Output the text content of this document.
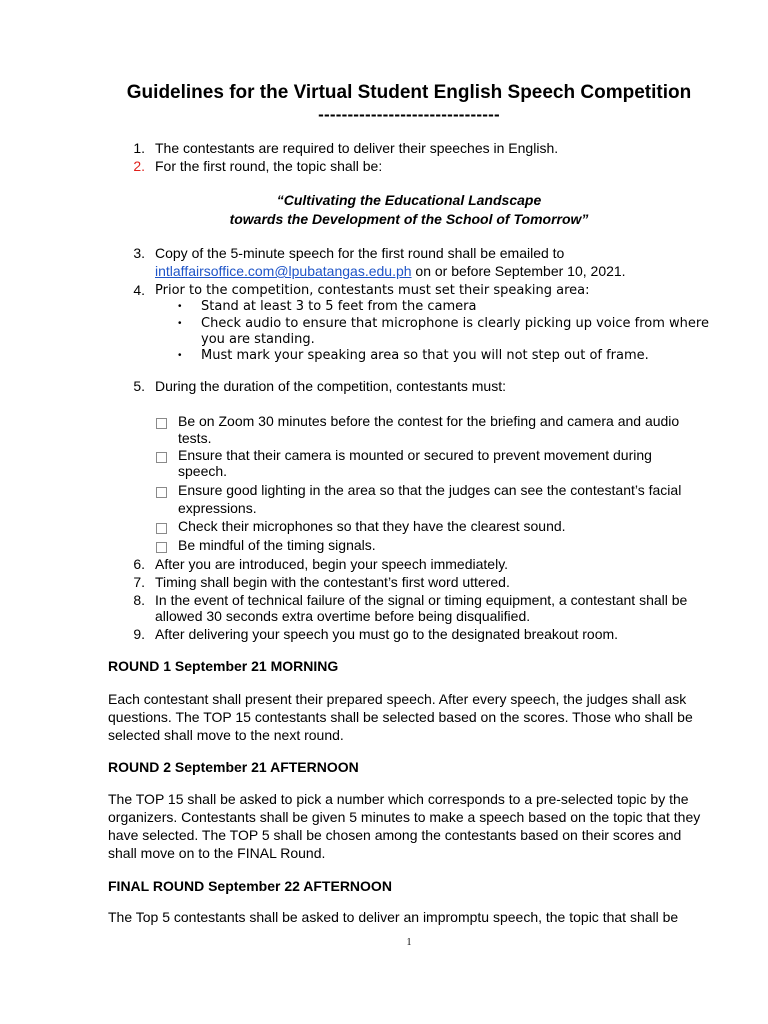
Guidelines for the Virtual Student English Speech Competition
-------------------------------
1. The contestants are required to deliver their speeches in English.
2. For the first round, the topic shall be:
“Cultivating the Educational Landscape
towards the Development of the School of Tomorrow”
3. Copy of the 5-minute speech for the first round shall be emailed to
intlaffairsoffice.com@lpubatangas.edu.ph on or before September 10, 2021.
4. Prior to the competition, contestants must set their speaking area:
• Stand at least 3 to 5 feet from the camera
• Check audio to ensure that microphone is clearly picking up voice from where
you are standing.
• Must mark your speaking area so that you will not step out of frame.
5. During the duration of the competition, contestants must:
Be on Zoom 30 minutes before the contest for the briefing and camera and audio
tests.
Ensure that their camera is mounted or secured to prevent movement during
speech.
Ensure good lighting in the area so that the judges can see the contestant’s facial
expressions.
Check their microphones so that they have the clearest sound.
Be mindful of the timing signals.
6. After you are introduced, begin your speech immediately.
7. Timing shall begin with the contestant’s first word uttered.
8. In the event of technical failure of the signal or timing equipment, a contestant shall be
allowed 30 seconds extra overtime before being disqualified.
9. After delivering your speech you must go to the designated breakout room.
ROUND 1 September 21 MORNING
Each contestant shall present their prepared speech. After every speech, the judges shall ask
questions. The TOP 15 contestants shall be selected based on the scores. Those who shall be
selected shall move to the next round.
ROUND 2 September 21 AFTERNOON
The TOP 15 shall be asked to pick a number which corresponds to a pre-selected topic by the
organizers. Contestants shall be given 5 minutes to make a speech based on the topic that they
have selected. The TOP 5 shall be chosen among the contestants based on their scores and
shall move on to the FINAL Round.
FINAL ROUND September 22 AFTERNOON
The Top 5 contestants shall be asked to deliver an impromptu speech, the topic that shall be
1
